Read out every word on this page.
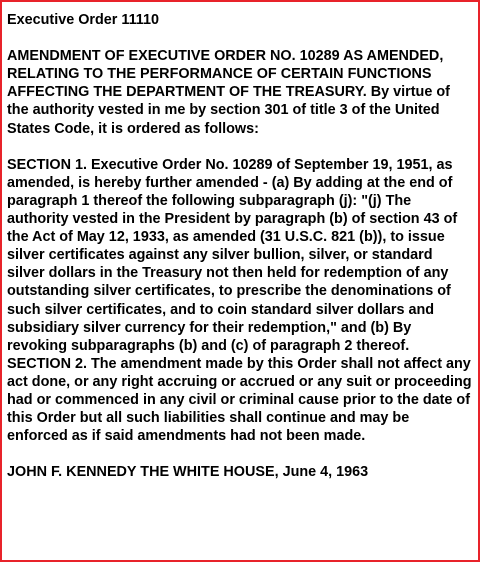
Executive Order 11110

AMENDMENT OF EXECUTIVE ORDER NO. 10289 AS AMENDED, RELATING TO THE PERFORMANCE OF CERTAIN FUNCTIONS AFFECTING THE DEPARTMENT OF THE TREASURY. By virtue of the authority vested in me by section 301 of title 3 of the United States Code, it is ordered as follows:

SECTION 1. Executive Order No. 10289 of September 19, 1951, as amended, is hereby further amended - (a) By adding at the end of paragraph 1 thereof the following subparagraph (j): "(j) The authority vested in the President by paragraph (b) of section 43 of the Act of May 12, 1933, as amended (31 U.S.C. 821 (b)), to issue silver certificates against any silver bullion, silver, or standard silver dollars in the Treasury not then held for redemption of any outstanding silver certificates, to prescribe the denominations of such silver certificates, and to coin standard silver dollars and subsidiary silver currency for their redemption," and (b) By revoking subparagraphs (b) and (c) of paragraph 2 thereof. SECTION 2. The amendment made by this Order shall not affect any act done, or any right accruing or accrued or any suit or proceeding had or commenced in any civil or criminal cause prior to the date of this Order but all such liabilities shall continue and may be enforced as if said amendments had not been made.

JOHN F. KENNEDY THE WHITE HOUSE, June 4, 1963
